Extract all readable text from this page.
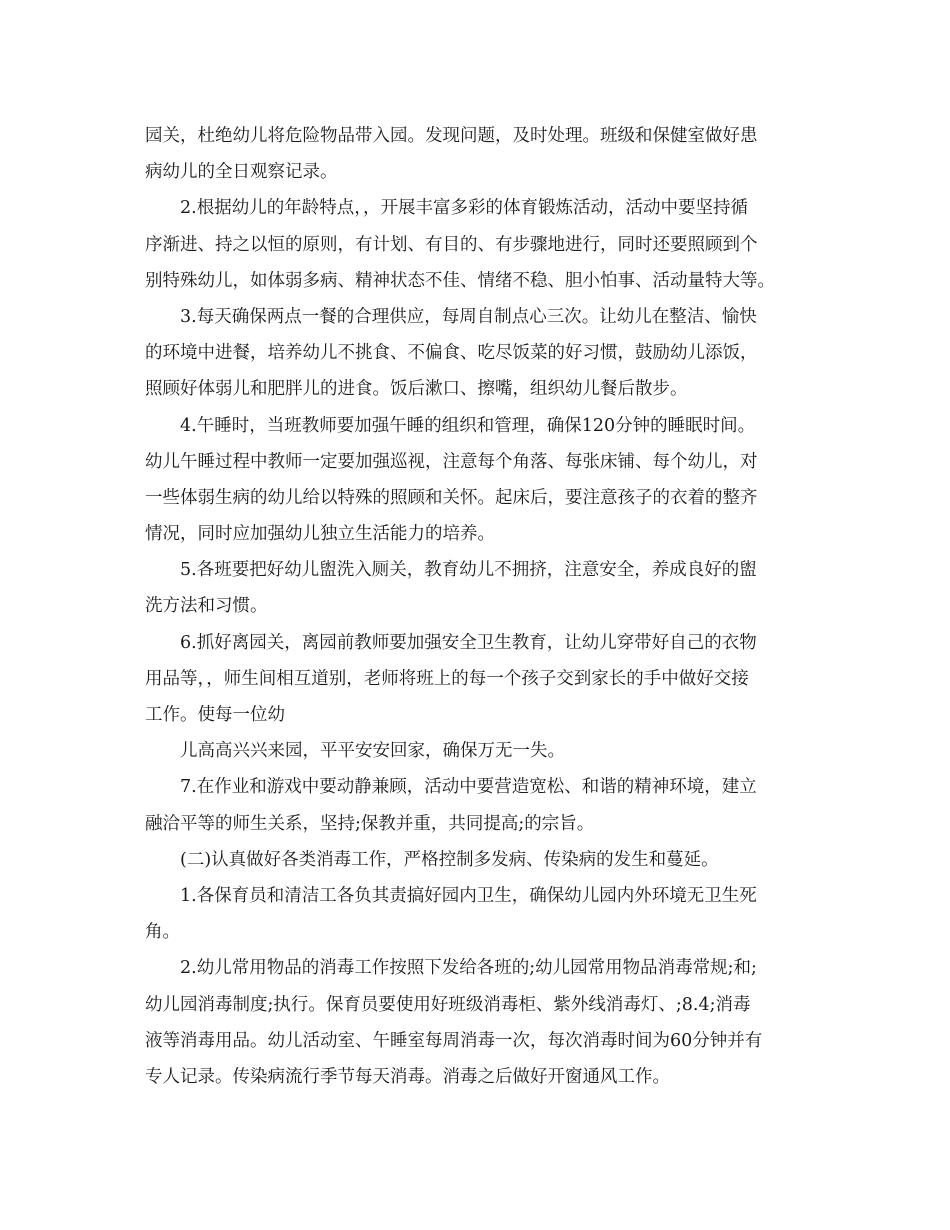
园关，杜绝幼儿将危险物品带入园。发现问题，及时处理。班级和保健室做好患
病幼儿的全日观察记录。
2.根据幼儿的年龄特点，，开展丰富多彩的体育锻炼活动，活动中要坚持循
序渐进、持之以恒的原则，有计划、有目的、有步骤地进行，同时还要照顾到个
别特殊幼儿，如体弱多病、精神状态不佳、情绪不稳、胆小怕事、活动量特大等。
3.每天确保两点一餐的合理供应，每周自制点心三次。让幼儿在整洁、愉快
的环境中进餐，培养幼儿不挑食、不偏食、吃尽饭菜的好习惯，鼓励幼儿添饭，
照顾好体弱儿和肥胖儿的进食。饭后漱口、擦嘴，组织幼儿餐后散步。
4.午睡时，当班教师要加强午睡的组织和管理，确保120分钟的睡眠时间。
幼儿午睡过程中教师一定要加强巡视，注意每个角落、每张床铺、每个幼儿，对
一些体弱生病的幼儿给以特殊的照顾和关怀。起床后，要注意孩子的衣着的整齐
情况，同时应加强幼儿独立生活能力的培养。
5.各班要把好幼儿盥洗入厕关，教育幼儿不拥挤，注意安全，养成良好的盥
洗方法和习惯。
6.抓好离园关，离园前教师要加强安全卫生教育，让幼儿穿带好自己的衣物
用品等，，师生间相互道别，老师将班上的每一个孩子交到家长的手中做好交接
工作。使每一位幼
儿高高兴兴来园，平平安安回家，确保万无一失。
7.在作业和游戏中要动静兼顾，活动中要营造宽松、和谐的精神环境，建立
融洽平等的师生关系，坚持;保教并重，共同提高;的宗旨。
(二)认真做好各类消毒工作，严格控制多发病、传染病的发生和蔓延。
1.各保育员和清洁工各负其责搞好园内卫生，确保幼儿园内外环境无卫生死
角。
2.幼儿常用物品的消毒工作按照下发给各班的;幼儿园常用物品消毒常规;和;
幼儿园消毒制度;执行。保育员要使用好班级消毒柜、紫外线消毒灯、;8.4;消毒
液等消毒用品。幼儿活动室、午睡室每周消毒一次，每次消毒时间为60分钟并有
专人记录。传染病流行季节每天消毒。消毒之后做好开窗通风工作。
